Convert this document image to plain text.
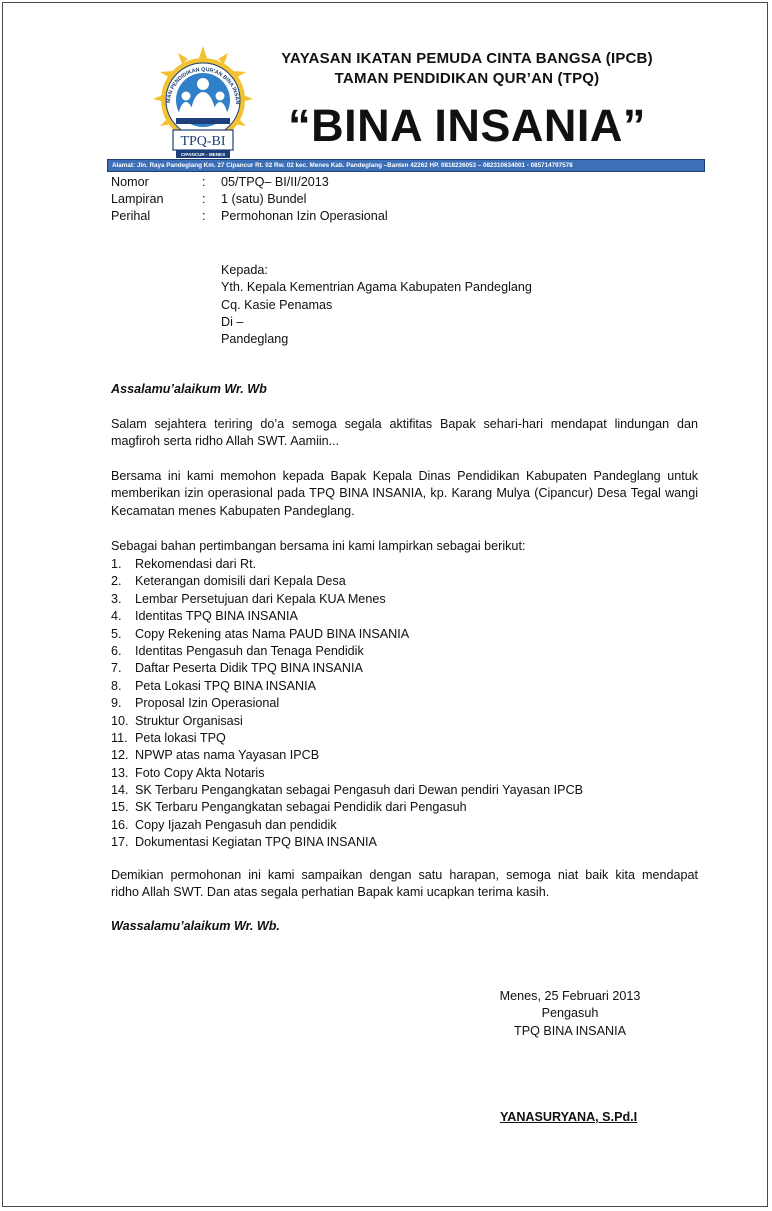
MAN PENDIDIKAN QUR'AN BINA INSAN
TPQ-BI
CIPANCUR - MENES
YAYASAN IKATAN PEMUDA CINTA BANGSA (IPCB)
TAMAN PENDIDIKAN QUR’AN (TPQ)
“BINA INSANIA”
Alamat: Jln. Raya Pandeglang Km. 27 Cipancur Rt. 02 Rw. 02 kec. Menes Kab. Pandeglang –Banten 42262 HP. 0818236053 – 082310634001 - 085714797578
Nomor	: 05/TPQ– BI/II/2013
Lampiran	: 1 (satu) Bundel
Perihal	: Permohonan Izin Operasional
Kepada:
Yth. Kepala Kementrian Agama Kabupaten Pandeglang
Cq. Kasie Penamas
Di –
Pandeglang
Assalamu’alaikum Wr. Wb
Salam sejahtera teriring do’a semoga segala aktifitas Bapak sehari-hari mendapat lindungan dan
magfiroh serta ridho Allah SWT. Aamiin...
Bersama ini kami memohon kepada Bapak Kepala Dinas Pendidikan Kabupaten Pandeglang untuk
memberikan izin operasional pada TPQ BINA INSANIA, kp. Karang Mulya (Cipancur) Desa Tegal wangi
Kecamatan menes Kabupaten Pandeglang.
Sebagai bahan pertimbangan bersama ini kami lampirkan sebagai berikut:
1. Rekomendasi dari Rt.
2. Keterangan domisili dari Kepala Desa
3. Lembar Persetujuan dari Kepala KUA Menes
4. Identitas TPQ BINA INSANIA
5. Copy Rekening atas Nama PAUD BINA INSANIA
6. Identitas Pengasuh dan Tenaga Pendidik
7. Daftar Peserta Didik TPQ BINA INSANIA
8. Peta Lokasi TPQ BINA INSANIA
9. Proposal Izin Operasional
10. Struktur Organisasi
11. Peta lokasi TPQ
12. NPWP atas nama Yayasan IPCB
13. Foto Copy Akta Notaris
14. SK Terbaru Pengangkatan sebagai Pengasuh dari Dewan pendiri Yayasan IPCB
15. SK Terbaru Pengangkatan sebagai Pendidik dari Pengasuh
16. Copy Ijazah Pengasuh dan pendidik
17. Dokumentasi Kegiatan TPQ BINA INSANIA
Demikian permohonan ini kami sampaikan dengan satu harapan, semoga niat baik kita mendapat
ridho Allah SWT. Dan atas segala perhatian Bapak kami ucapkan terima kasih.
Wassalamu’alaikum Wr. Wb.
Menes, 25 Februari 2013
Pengasuh
TPQ BINA INSANIA
YANASURYANA, S.Pd.I
